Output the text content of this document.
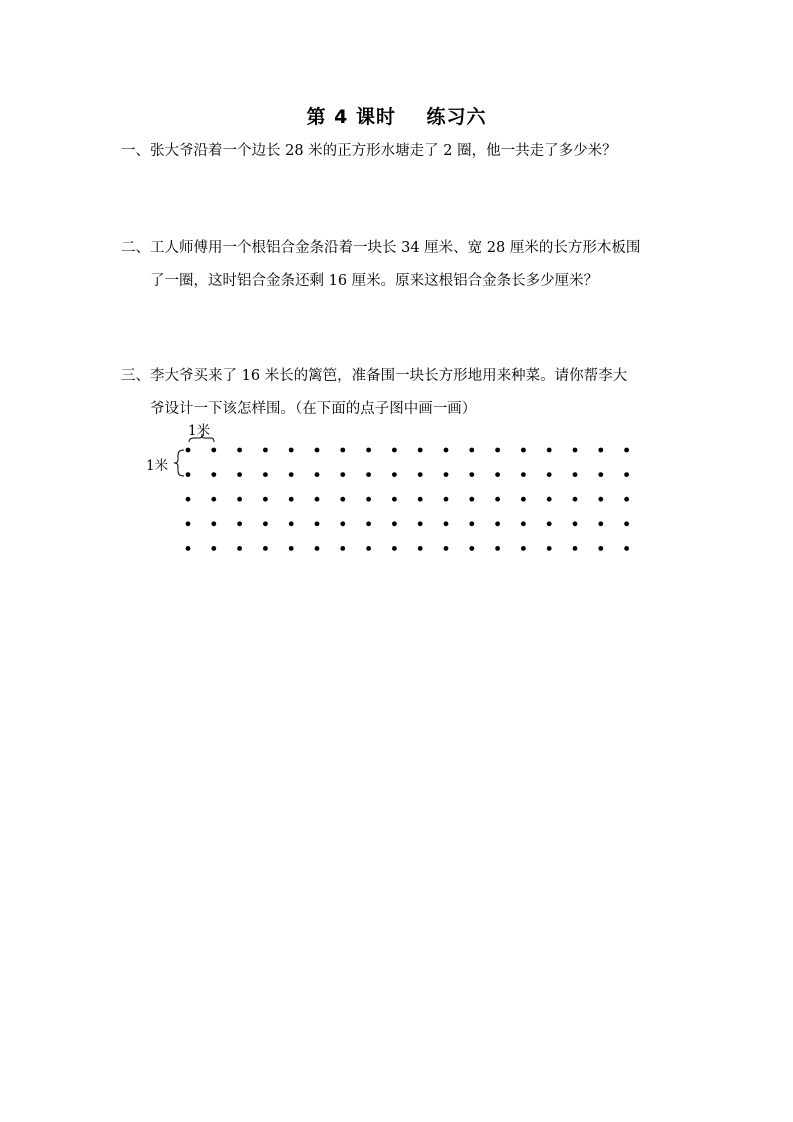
第 4 课时    练习六
一、张大爷沿着一个边长 28 米的正方形水塘走了 2 圈，他一共走了多少米？
二、工人师傅用一个根铝合金条沿着一块长 34 厘米、宽 28 厘米的长方形木板围
了一圈，这时铝合金条还剩 16 厘米。原来这根铝合金条长多少厘米？
三、李大爷买来了 16 米长的篱笆，准备围一块长方形地用来种菜。请你帮李大
爷设计一下该怎样围。（在下面的点子图中画一画）
1米
1米
